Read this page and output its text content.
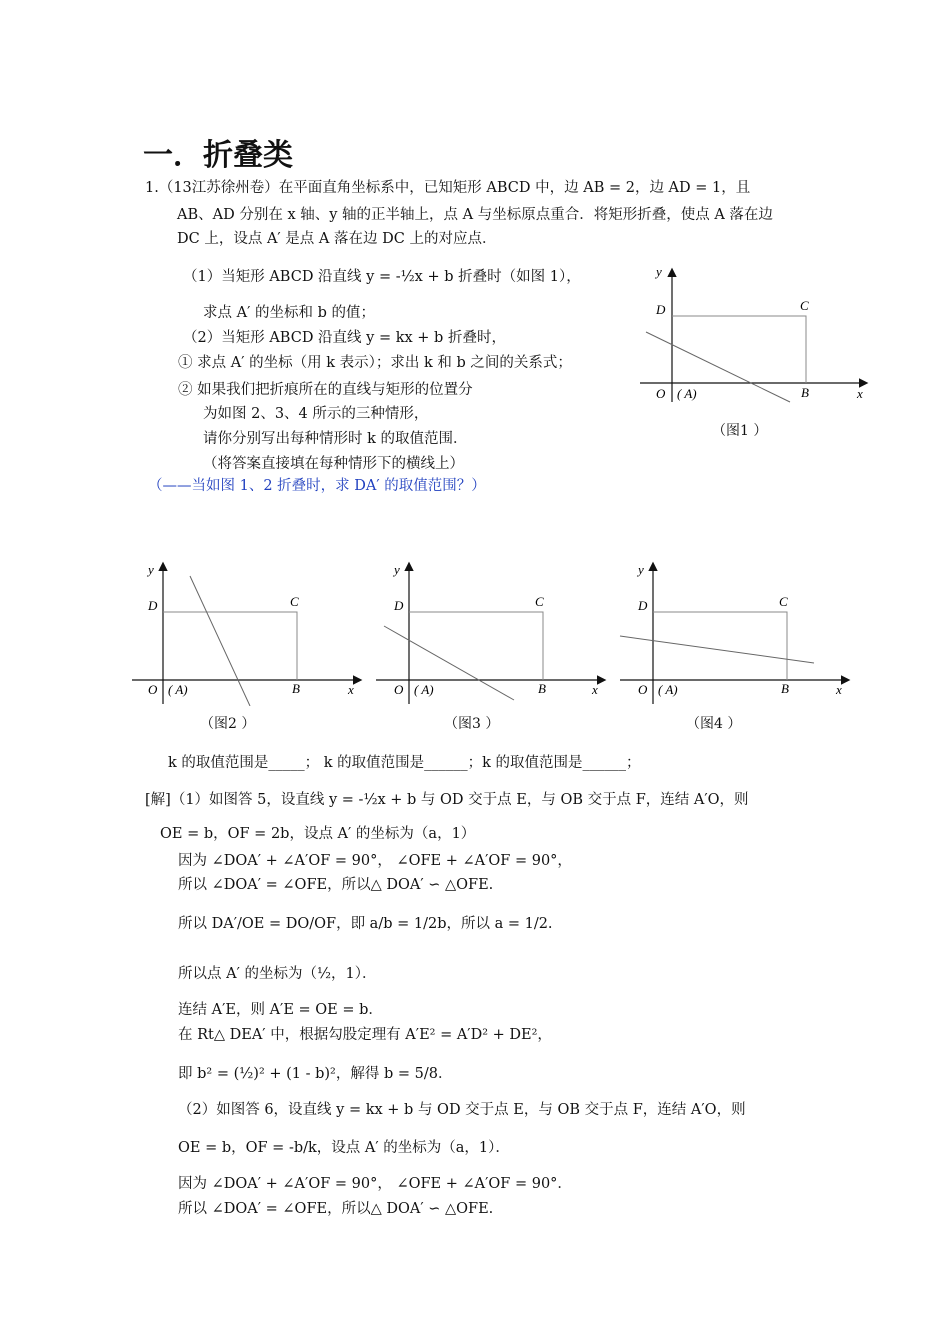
一．折叠类
1.（13江苏徐州卷）在平面直角坐标系中，已知矩形 ABCD 中，边 AB = 2，边 AD = 1，且
AB、AD 分别在 x 轴、y 轴的正半轴上，点 A 与坐标原点重合．将矩形折叠，使点 A 落在边
DC 上，设点 A′ 是点 A 落在边 DC 上的对应点．
（1）当矩形 ABCD 沿直线 y = -½x + b 折叠时（如图 1），
求点 A′ 的坐标和 b 的值；
（2）当矩形 ABCD 沿直线 y = kx + b 折叠时，
① 求点 A′ 的坐标（用 k 表示）；求出 k 和 b 之间的关系式；
② 如果我们把折痕所在的直线与矩形的位置分
为如图 2、3、4 所示的三种情形，
请你分别写出每种情形时 k 的取值范围．
（将答案直接填在每种情形下的横线上）
（——当如图 1、2 折叠时，求 DA′ 的取值范围？）
y
D	C
O ( A)	B	x
（图1 ）
y
D	C
O ( A)	B	x
（图2 ）
y
D	C
O ( A)	B	x
（图3 ）
y
D	C
O ( A)	B	x
（图4 ）
k 的取值范围是_____； k 的取值范围是______；k 的取值范围是______；
[解]（1）如图答 5，设直线 y = -½x + b 与 OD 交于点 E，与 OB 交于点 F，连结 A′O，则
OE = b，OF = 2b，设点 A′ 的坐标为（a，1）
因为 ∠DOA′ + ∠A′OF = 90°， ∠OFE + ∠A′OF = 90°，
所以 ∠DOA′ = ∠OFE，所以△ DOA′ ∽ △OFE.
所以 DA′/OE = DO/OF，即 a/b = 1/2b，所以 a = 1/2.
所以点 A′ 的坐标为（½，1）．
连结 A′E，则 A′E = OE = b．
在 Rt△ DEA′ 中，根据勾股定理有 A′E² = A′D² + DE²，
即 b² = (½)² + (1 - b)²，解得 b = 5/8．
（2）如图答 6，设直线 y = kx + b 与 OD 交于点 E，与 OB 交于点 F，连结 A′O，则
OE = b，OF = -b/k，设点 A′ 的坐标为（a，1）．
因为 ∠DOA′ + ∠A′OF = 90°， ∠OFE + ∠A′OF = 90°．
所以 ∠DOA′ = ∠OFE，所以△ DOA′ ∽ △OFE.
